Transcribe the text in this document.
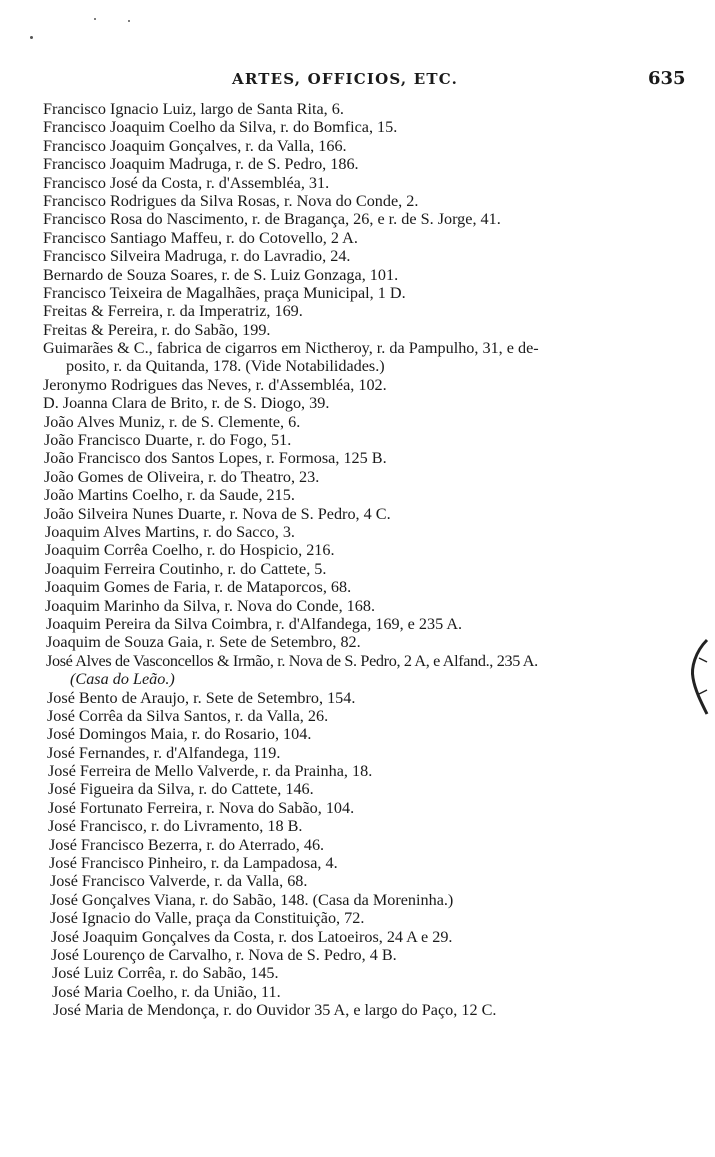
ARTES, OFFICIOS, ETC.	635
Francisco Ignacio Luiz, largo de Santa Rita, 6.
Francisco Joaquim Coelho da Silva, r. do Bomfica, 15.
Francisco Joaquim Gonçalves, r. da Valla, 166.
Francisco Joaquim Madruga, r. de S. Pedro, 186.
Francisco José da Costa, r. d'Assembléa, 31.
Francisco Rodrigues da Silva Rosas, r. Nova do Conde, 2.
Francisco Rosa do Nascimento, r. de Bragança, 26, e r. de S. Jorge, 41.
Francisco Santiago Maffeu, r. do Cotovello, 2 A.
Francisco Silveira Madruga, r. do Lavradio, 24.
Bernardo de Souza Soares, r. de S. Luiz Gonzaga, 101.
Francisco Teixeira de Magalhães, praça Municipal, 1 D.
Freitas & Ferreira, r. da Imperatriz, 169.
Freitas & Pereira, r. do Sabão, 199.
Guimarães & C., fabrica de cigarros em Nictheroy, r. da Pampulho, 31, e de-
posito, r. da Quitanda, 178. (Vide Notabilidades.)
Jeronymo Rodrigues das Neves, r. d'Assembléa, 102.
D. Joanna Clara de Brito, r. de S. Diogo, 39.
João Alves Muniz, r. de S. Clemente, 6.
João Francisco Duarte, r. do Fogo, 51.
João Francisco dos Santos Lopes, r. Formosa, 125 B.
João Gomes de Oliveira, r. do Theatro, 23.
João Martins Coelho, r. da Saude, 215.
João Silveira Nunes Duarte, r. Nova de S. Pedro, 4 C.
Joaquim Alves Martins, r. do Sacco, 3.
Joaquim Corrêa Coelho, r. do Hospicio, 216.
Joaquim Ferreira Coutinho, r. do Cattete, 5.
Joaquim Gomes de Faria, r. de Mataporcos, 68.
Joaquim Marinho da Silva, r. Nova do Conde, 168.
Joaquim Pereira da Silva Coimbra, r. d'Alfandega, 169, e 235 A.
Joaquim de Souza Gaia, r. Sete de Setembro, 82.
José Alves de Vasconcellos & Irmão, r. Nova de S. Pedro, 2 A, e Alfand., 235 A.
(Casa do Leão.)
José Bento de Araujo, r. Sete de Setembro, 154.
José Corrêa da Silva Santos, r. da Valla, 26.
José Domingos Maia, r. do Rosario, 104.
José Fernandes, r. d'Alfandega, 119.
José Ferreira de Mello Valverde, r. da Prainha, 18.
José Figueira da Silva, r. do Cattete, 146.
José Fortunato Ferreira, r. Nova do Sabão, 104.
José Francisco, r. do Livramento, 18 B.
José Francisco Bezerra, r. do Aterrado, 46.
José Francisco Pinheiro, r. da Lampadosa, 4.
José Francisco Valverde, r. da Valla, 68.
José Gonçalves Viana, r. do Sabão, 148. (Casa da Moreninha.)
José Ignacio do Valle, praça da Constituição, 72.
José Joaquim Gonçalves da Costa, r. dos Latoeiros, 24 A e 29.
José Lourenço de Carvalho, r. Nova de S. Pedro, 4 B.
José Luiz Corrêa, r. do Sabão, 145.
José Maria Coelho, r. da União, 11.
José Maria de Mendonça, r. do Ouvidor 35 A, e largo do Paço, 12 C.
